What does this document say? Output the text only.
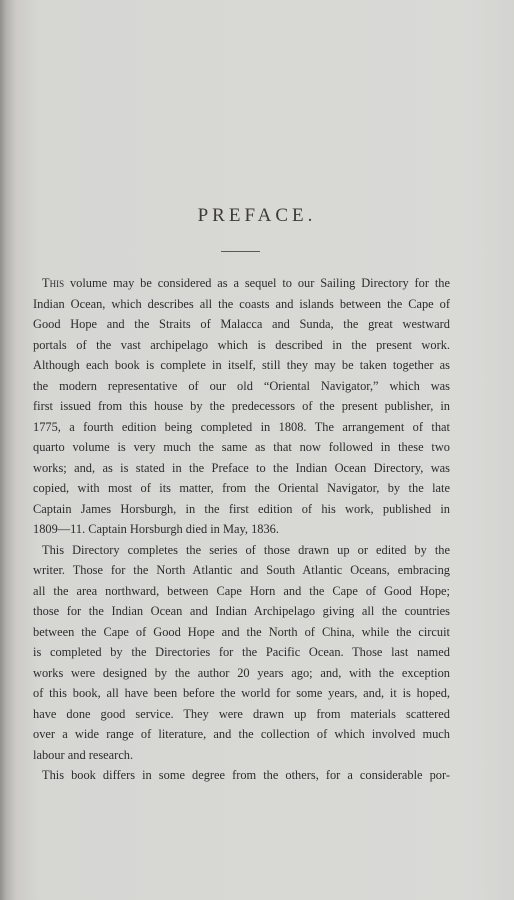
PREFACE.
This volume may be considered as a sequel to our Sailing Directory for the
Indian Ocean, which describes all the coasts and islands between the Cape of
Good Hope and the Straits of Malacca and Sunda, the great westward
portals of the vast archipelago which is described in the present work.
Although each book is complete in itself, still they may be taken together as
the modern representative of our old “Oriental Navigator,” which was
first issued from this house by the predecessors of the present publisher, in
1775, a fourth edition being completed in 1808. The arrangement of that
quarto volume is very much the same as that now followed in these two
works; and, as is stated in the Preface to the Indian Ocean Directory, was
copied, with most of its matter, from the Oriental Navigator, by the late
Captain James Horsburgh, in the first edition of his work, published in
1809—11. Captain Horsburgh died in May, 1836.
This Directory completes the series of those drawn up or edited by the
writer. Those for the North Atlantic and South Atlantic Oceans, embracing
all the area northward, between Cape Horn and the Cape of Good Hope;
those for the Indian Ocean and Indian Archipelago giving all the countries
between the Cape of Good Hope and the North of China, while the circuit
is completed by the Directories for the Pacific Ocean. Those last named
works were designed by the author 20 years ago; and, with the exception
of this book, all have been before the world for some years, and, it is hoped,
have done good service. They were drawn up from materials scattered
over a wide range of literature, and the collection of which involved much
labour and research.
This book differs in some degree from the others, for a considerable por-
